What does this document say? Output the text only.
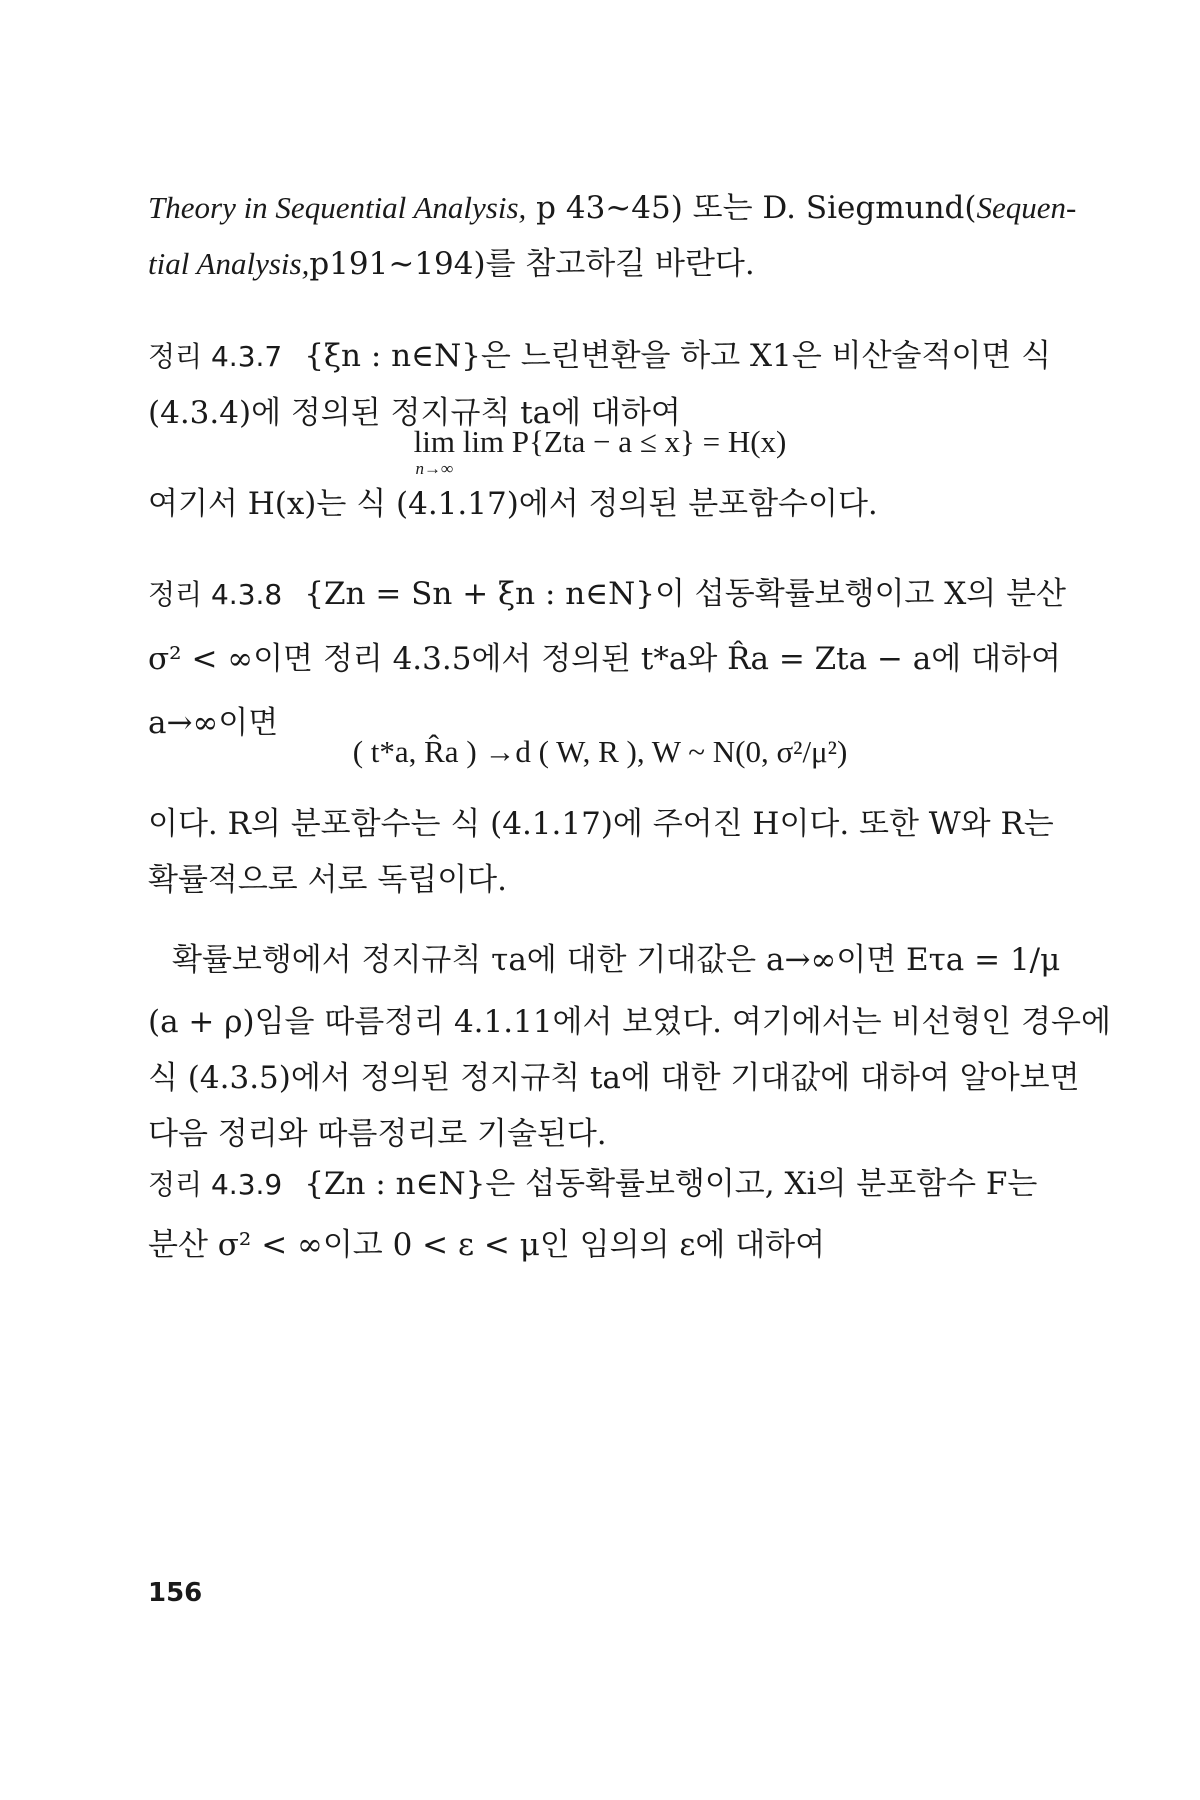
Theory in Sequential Analysis, p 43~45) 또는 D. Siegmund(Sequen-
tial Analysis, p191~194)를 참고하길 바란다.
정리 4.3.7 {ξn : n∈N}은 느린변환을 하고 X1은 비산술적이면 식
(4.3.4)에 정의된 정지규칙 ta에 대하여
lim
n→∞
lim P{Zta − a ≤ x} = H(x)
여기서 H(x)는 식 (4.1.17)에서 정의된 분포함수이다.
정리 4.3.8 {Zn = Sn + ξn : n∈N}이 섭동확률보행이고 X의 분산
σ² < ∞이면 정리 4.3.5에서 정의된 t*a와 R̂a = Zta − a에 대하여
a→∞이면
( t*a, R̂a ) →d ( W, R ), W ~ N(0, σ²/μ²)
이다. R의 분포함수는 식 (4.1.17)에 주어진 H이다. 또한 W와 R는
확률적으로 서로 독립이다.
확률보행에서 정지규칙 τa에 대한 기대값은 a→∞이면 Eτa = 1/μ
(a + ρ)임을 따름정리 4.1.11에서 보였다. 여기에서는 비선형인 경우에
식 (4.3.5)에서 정의된 정지규칙 ta에 대한 기대값에 대하여 알아보면
다음 정리와 따름정리로 기술된다.
정리 4.3.9 {Zn : n∈N}은 섭동확률보행이고, Xi의 분포함수 F는
분산 σ² < ∞이고 0 < ε < μ인 임의의 ε에 대하여
156
